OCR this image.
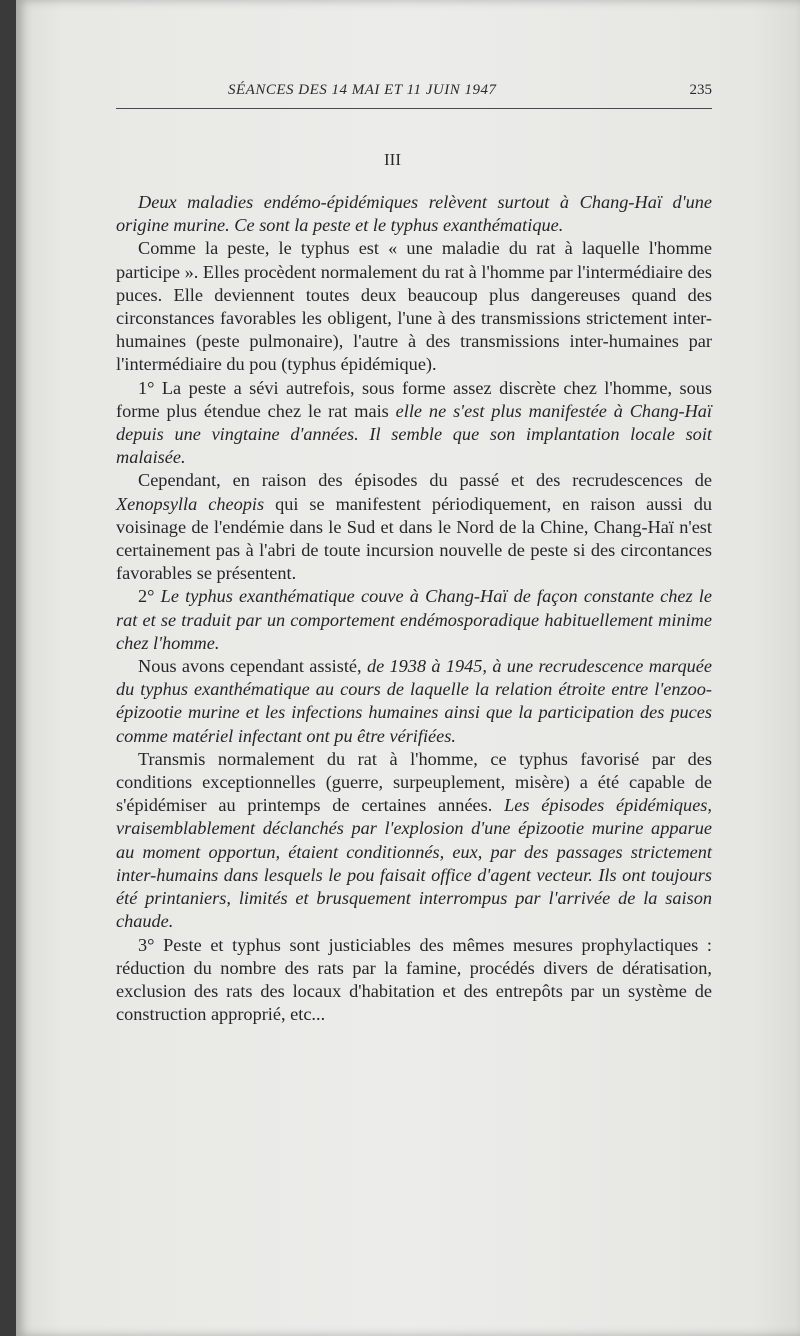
SÉANCES DES 14 MAI ET 11 JUIN 1947	235
III

Deux maladies endémo-épidémiques relèvent surtout à Chang-Haï d'une origine murine. Ce sont la peste et le typhus exanthématique.

Comme la peste, le typhus est « une maladie du rat à laquelle l'homme participe ». Elles procèdent normalement du rat à l'homme par l'intermédiaire des puces. Elle deviennent toutes deux beaucoup plus dangereuses quand des circonstances favorables les obligent, l'une à des transmissions strictement inter-humaines (peste pulmonaire), l'autre à des transmissions inter-humaines par l'intermédiaire du pou (typhus épidémique).

1° La peste a sévi autrefois, sous forme assez discrète chez l'homme, sous forme plus étendue chez le rat mais elle ne s'est plus manifestée à Chang-Haï depuis une vingtaine d'années. Il semble que son implantation locale soit malaisée.

Cependant, en raison des épisodes du passé et des recrudescences de Xenopsylla cheopis qui se manifestent périodiquement, en raison aussi du voisinage de l'endémie dans le Sud et dans le Nord de la Chine, Chang-Haï n'est certainement pas à l'abri de toute incursion nouvelle de peste si des circontances favorables se présentent.

2° Le typhus exanthématique couve à Chang-Haï de façon constante chez le rat et se traduit par un comportement endémosporadique habituellement minime chez l'homme.

Nous avons cependant assisté, de 1938 à 1945, à une recrudescence marquée du typhus exanthématique au cours de laquelle la relation étroite entre l'enzoo-épizootie murine et les infections humaines ainsi que la participation des puces comme matériel infectant ont pu être vérifiées.

Transmis normalement du rat à l'homme, ce typhus favorisé par des conditions exceptionnelles (guerre, surpeuplement, misère) a été capable de s'épidémiser au printemps de certaines années. Les épisodes épidémiques, vraisemblablement déclanchés par l'explosion d'une épizootie murine apparue au moment opportun, étaient conditionnés, eux, par des passages strictement inter-humains dans lesquels le pou faisait office d'agent vecteur. Ils ont toujours été printaniers, limités et brusquement interrompus par l'arrivée de la saison chaude.

3° Peste et typhus sont justiciables des mêmes mesures prophylactiques : réduction du nombre des rats par la famine, procédés divers de dératisation, exclusion des rats des locaux d'habitation et des entrepôts par un système de construction approprié, etc...
